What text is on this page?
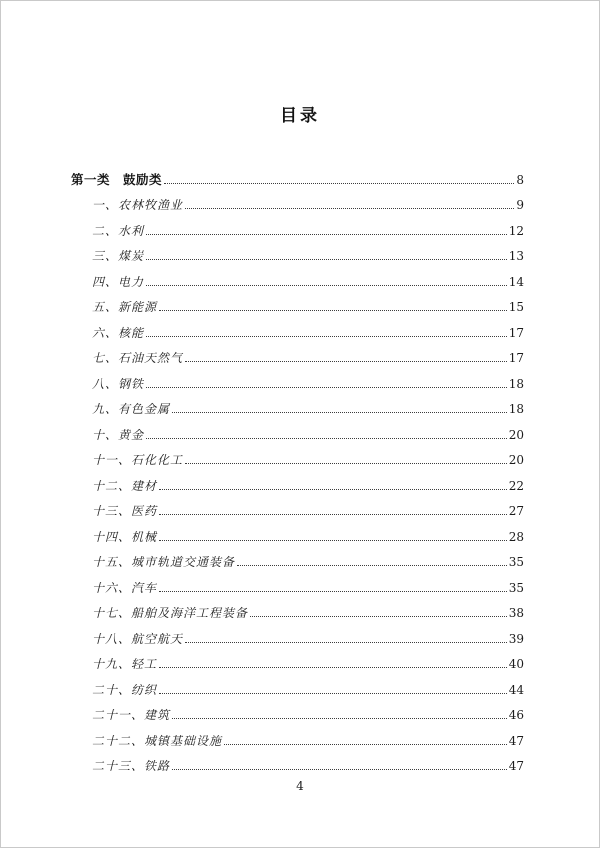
目录
第一类　鼓励类	8
一、农林牧渔业	9
二、水利	12
三、煤炭	13
四、电力	14
五、新能源	15
六、核能	17
七、石油天然气	17
八、钢铁	18
九、有色金属	18
十、黄金	20
十一、石化化工	20
十二、建材	22
十三、医药	27
十四、机械	28
十五、城市轨道交通装备	35
十六、汽车	35
十七、船舶及海洋工程装备	38
十八、航空航天	39
十九、轻工	40
二十、纺织	44
二十一、建筑	46
二十二、城镇基础设施	47
二十三、铁路	47
4
